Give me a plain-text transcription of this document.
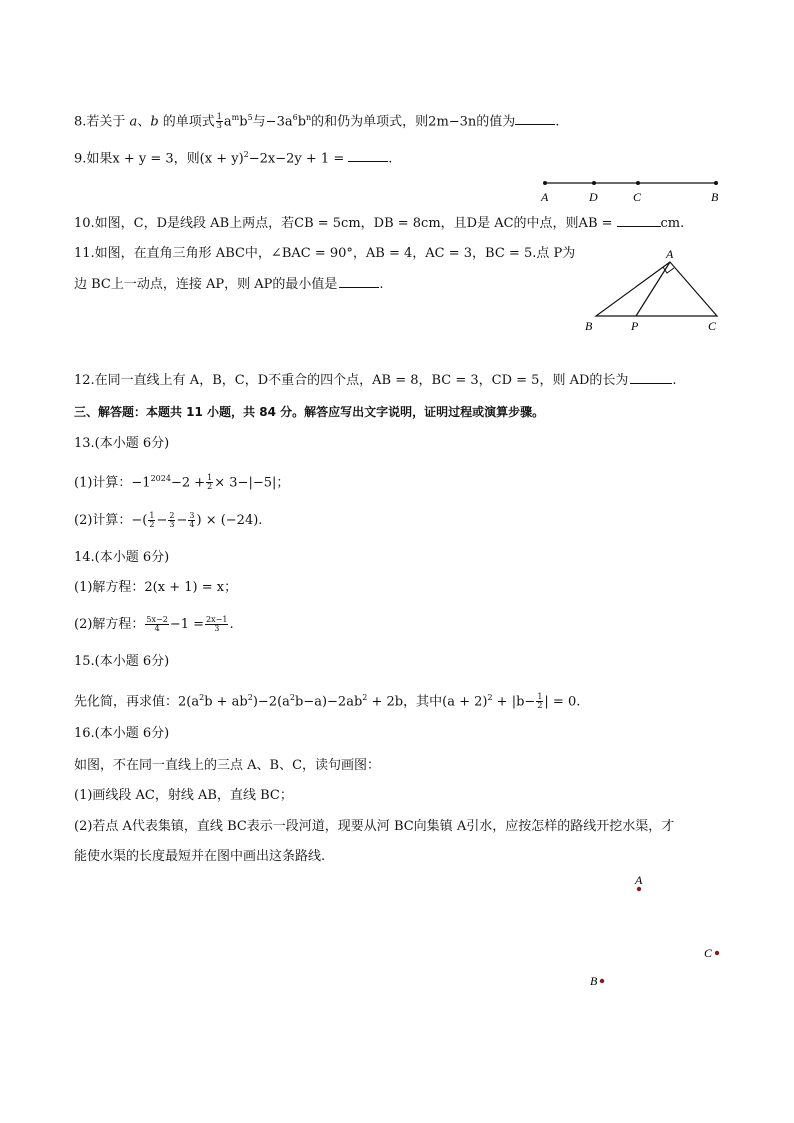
8.若关于 a、b 的单项式 $\frac{1}{3} a^mb^5$与$-3a^6b^n$的和仍为单项式，则2m−3n的值为	.
9.如果x + y = 3，则$(x + y)^2-2x-2y + 1$ =	.
10.如图，C，D是线段 AB上两点，若CB = 5cm，DB = 8cm，且D是 AC的中点，则AB =	cm.
11.如图，在直角三角形 ABC中，∠BAC = 90°，AB = 4，AC = 3，BC = 5.点 P为
边 BC上一动点，连接 AP，则 AP的最小值是	.
12.在同一直线上有 A，B，C，D不重合的四个点，AB = 8，BC = 3，CD = 5，则 AD的长为	.
三、解答题：本题共 11 小题，共 84 分。解答应写出文字说明，证明过程或演算步骤。
13.(本小题 6分)
(1)计算：$-1^{2024}-2 + \frac{1}{2} \times 3-|-5|$；
(2)计算：−( $\frac{1}{2} - \frac{2}{3} - \frac{3}{4}$ ) × (−24).
14.(本小题 6分)
(1)解方程：2(x + 1) = x；
(2)解方程： $\frac{5x-2}{4} -1 = \frac{2x-1}{3}$ .
15.(本小题 6分)
先化简，再求值：$2(a^2b + ab^2)-2(a^2b-a)-2ab^2 + 2b$，其中$(a + 2)^2 + |b- \frac{1}{2}$ | = 0.
16.(本小题 6分)
如图，不在同一直线上的三点 A、B、C，读句画图：
(1)画线段 AC，射线 AB，直线 BC；
(2)若点 A代表集镇，直线 BC表示一段河道，现要从河 BC向集镇 A引水，应按怎样的路线开挖水渠，才
能使水渠的长度最短并在图中画出这条路线.
A	D	C	B
A
B	P	C
A
C
B
